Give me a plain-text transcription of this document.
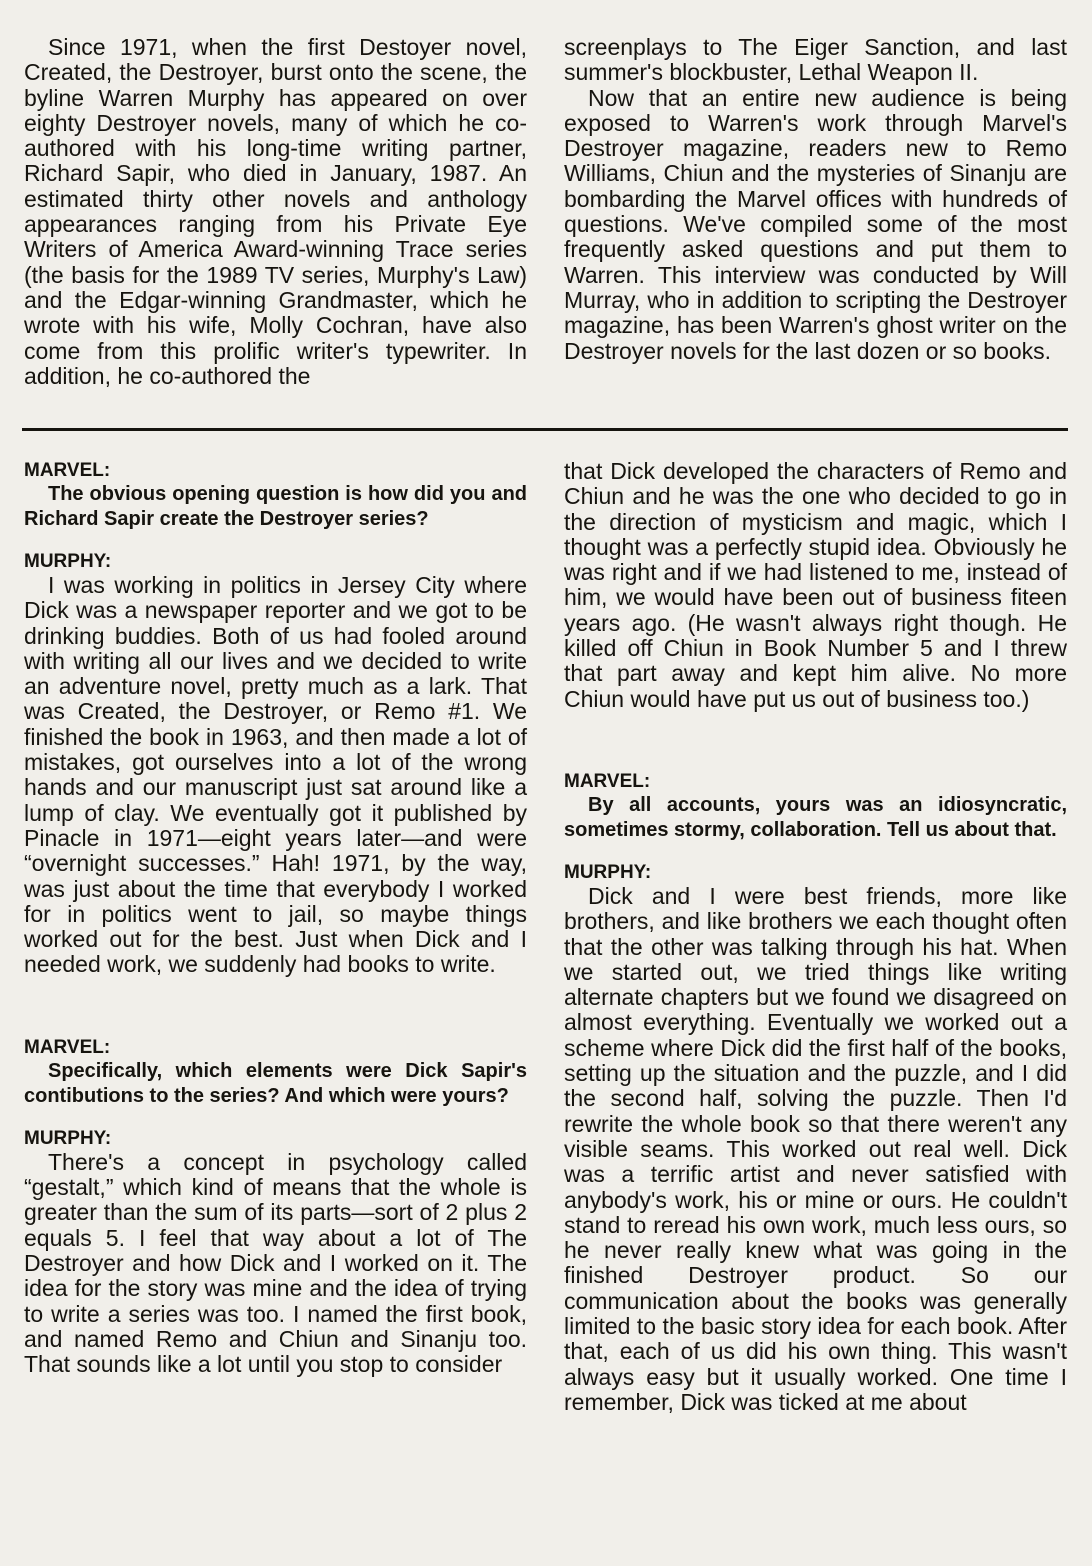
Since 1971, when the first Destoyer novel, Created, the Destroyer, burst onto the scene, the byline Warren Murphy has appeared on over eighty Destroyer novels, many of which he co-authored with his long-time writing partner, Richard Sapir, who died in January, 1987. An estimated thirty other novels and anthology appearances ranging from his Private Eye Writers of America Award-winning Trace series (the basis for the 1989 TV series, Murphy's Law) and the Edgar-winning Grandmaster, which he wrote with his wife, Molly Cochran, have also come from this prolific writer's typewriter. In addition, he co-authored the

screenplays to The Eiger Sanction, and last summer's blockbuster, Lethal Weapon II.

Now that an entire new audience is being exposed to Warren's work through Marvel's Destroyer magazine, readers new to Remo Williams, Chiun and the mysteries of Sinanju are bombarding the Marvel offices with hundreds of questions. We've compiled some of the most frequently asked questions and put them to Warren. This interview was conducted by Will Murray, who in addition to scripting the Destroyer magazine, has been Warren's ghost writer on the Destroyer novels for the last dozen or so books.

MARVEL:

The obvious opening question is how did you and Richard Sapir create the Destroyer series?

MURPHY:

I was working in politics in Jersey City where Dick was a newspaper reporter and we got to be drinking buddies. Both of us had fooled around with writing all our lives and we decided to write an adventure novel, pretty much as a lark. That was Created, the Destroyer, or Remo #1. We finished the book in 1963, and then made a lot of mistakes, got ourselves into a lot of the wrong hands and our manuscript just sat around like a lump of clay. We eventually got it published by Pinacle in 1971—eight years later—and were “overnight successes.” Hah! 1971, by the way, was just about the time that everybody I worked for in politics went to jail, so maybe things worked out for the best. Just when Dick and I needed work, we suddenly had books to write.

MARVEL:

Specifically, which elements were Dick Sapir's contibutions to the series? And which were yours?

MURPHY:

There's a concept in psychology called “gestalt,” which kind of means that the whole is greater than the sum of its parts—sort of 2 plus 2 equals 5. I feel that way about a lot of The Destroyer and how Dick and I worked on it. The idea for the story was mine and the idea of trying to write a series was too. I named the first book, and named Remo and Chiun and Sinanju too. That sounds like a lot until you stop to consider

that Dick developed the characters of Remo and Chiun and he was the one who decided to go in the direction of mysticism and magic, which I thought was a perfectly stupid idea. Obviously he was right and if we had listened to me, instead of him, we would have been out of business fiteen years ago. (He wasn't always right though. He killed off Chiun in Book Number 5 and I threw that part away and kept him alive. No more Chiun would have put us out of business too.)

MARVEL:

By all accounts, yours was an idiosyncratic, sometimes stormy, collaboration. Tell us about that.

MURPHY:

Dick and I were best friends, more like brothers, and like brothers we each thought often that the other was talking through his hat. When we started out, we tried things like writing alternate chapters but we found we disagreed on almost everything. Eventually we worked out a scheme where Dick did the first half of the books, setting up the situation and the puzzle, and I did the second half, solving the puzzle. Then I'd rewrite the whole book so that there weren't any visible seams. This worked out real well. Dick was a terrific artist and never satisfied with anybody's work, his or mine or ours. He couldn't stand to reread his own work, much less ours, so he never really knew what was going in the finished Destroyer product. So our communication about the books was generally limited to the basic story idea for each book. After that, each of us did his own thing. This wasn't always easy but it usually worked. One time I remember, Dick was ticked at me about
